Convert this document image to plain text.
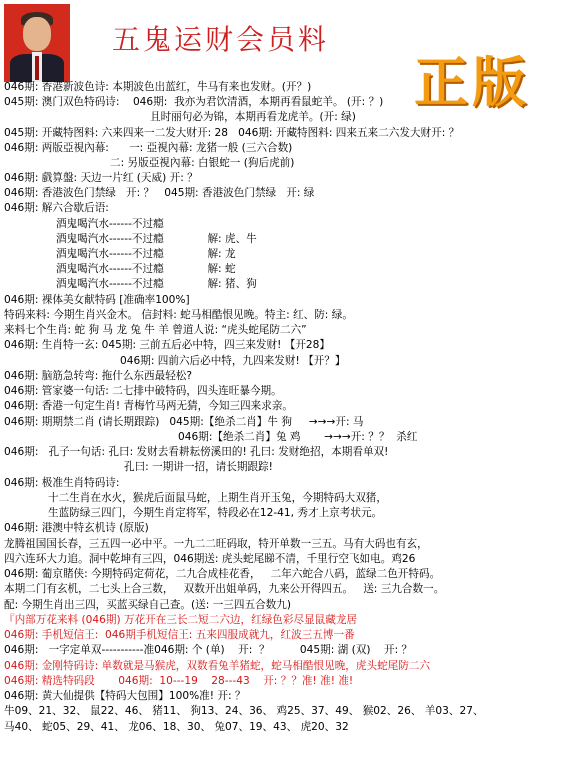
五鬼运财会员料
正版
046期: 香港新波色诗: 本期波色出蓝红，牛马有来也发财。(开？)
045期: 澳门双色特码诗:    046期:  我亦为君饮清酒，本期再看鼠蛇羊。 (开: ？)
且时丽句必为锦，本期再看龙虎羊。(开: 绿)
045期: 开藏特图料: 六来四来一二发大财开: 28   046期: 开藏特图料: 四来五来二六发大财开: ？
046期: 两版亞視內幕:      一: 亞視內幕: 龙猪一般 (三六合数)
二: 另版亞視內幕: 白银蛇一 (狗后虎前)
046期: 戲算盤: 天边一片红 (天威) 开: ？
046期: 香港波色门禁绿   开: ？   045期: 香港波色门禁绿   开: 绿
046期: 解六合歇后语:
酒鬼喝汽水------不过瘾
酒鬼喝汽水------不过瘾             解: 虎、牛
酒鬼喝汽水------不过瘾             解: 龙
酒鬼喝汽水------不过瘾             解: 蛇
酒鬼喝汽水------不过瘾             解: 猪、狗
046期: 裸体美女献特码 [准确率100%]
特码来料: 今期生肖兴金木。 信封料: 蛇马相酷恨见晚。特主: 红、防: 绿。
来料七个生肖: 蛇 狗 马 龙 兔 牛 羊 曾道人说: “虎头蛇尾防二六”
046期: 生肖特一玄: 045期: 三前五后必中特，四三来发财! 【开28】
046期: 四前六后必中特，九四来发财! 【开？】
046期: 脑筋急转弯: 拖什么东西最轻松?
046期: 管家婆一句话: 二七排中破特码，四头连旺暴今期。
046期: 香港一句定生肖! 青梅竹马两无猜，今知三四来求亲。
046期: 期期禁二肖 (请长期跟踪)   045期:【绝杀二肖】牛 狗     →→→开: 马
046期:【绝杀二肖】兔 鸡       →→→开: ？？  杀红
046期:   孔子一句话: 孔曰: 发财去看耕耘傍溪田的! 孔曰: 发财绝招，本期看单双!
孔曰: 一期讲一招，请长期跟踪!
046期: 极准生肖特码诗:
十二生肖在水火，猴虎后面鼠马蛇，上期生肖开玉兔，今期特码大双猪，
生蓝防绿三四门，今期生肖定将军，特段必在12-41, 秀才上京考状元。
046期: 港澳中特玄机诗 (原版)
龙腾祖国国长春，三五四一必中平。一九二二旺码取，特开单数一三五。马有大码也有玄，
四六连环大力追。洞中乾坤有三四，046期送: 虎头蛇尾睇不清，千里行空飞如电。鸡26
046期: 葡京賭侠: 今期特码定荷花，二九合成桂花香，   二年六蛇合八码，蓝绿二色开特码。
本期二门有玄机，二七头上合三数，   双数开出姐单码，九来公开得四五。   送: 三九合数一。
配: 今期生肖出三四，买蓝买绿自己查。(送: 一三四五合数九)
『内部万花来料 (046期) 万花开在三长二短二六边，红绿色彩尽显鼠藏龙居
046期: 手机短信王:  046期手机短信王: 五来四服成就九，红波三五博一番
046期:   一字定单双-----------准046期: 个 (单)    开:  ？         045期: 湖 (双)    开: ？
046期: 金刚特码诗: 单数就是马猴虎，双数看兔羊猪蛇，蛇马相酷恨见晚，虎头蛇尾防二六
046期: 精选特码段       046期:  10---19    28---43    开: ？？准! 准! 准!
046期: 黄大仙提供【特码大包围】100%准! 开: ？
牛09、21、32、 鼠22、46、 猪11、 狗13、24、36、 鸡25、37、49、 猴02、26、 羊03、27、
马40、 蛇05、29、41、 龙06、18、30、 兔07、19、43、 虎20、32
